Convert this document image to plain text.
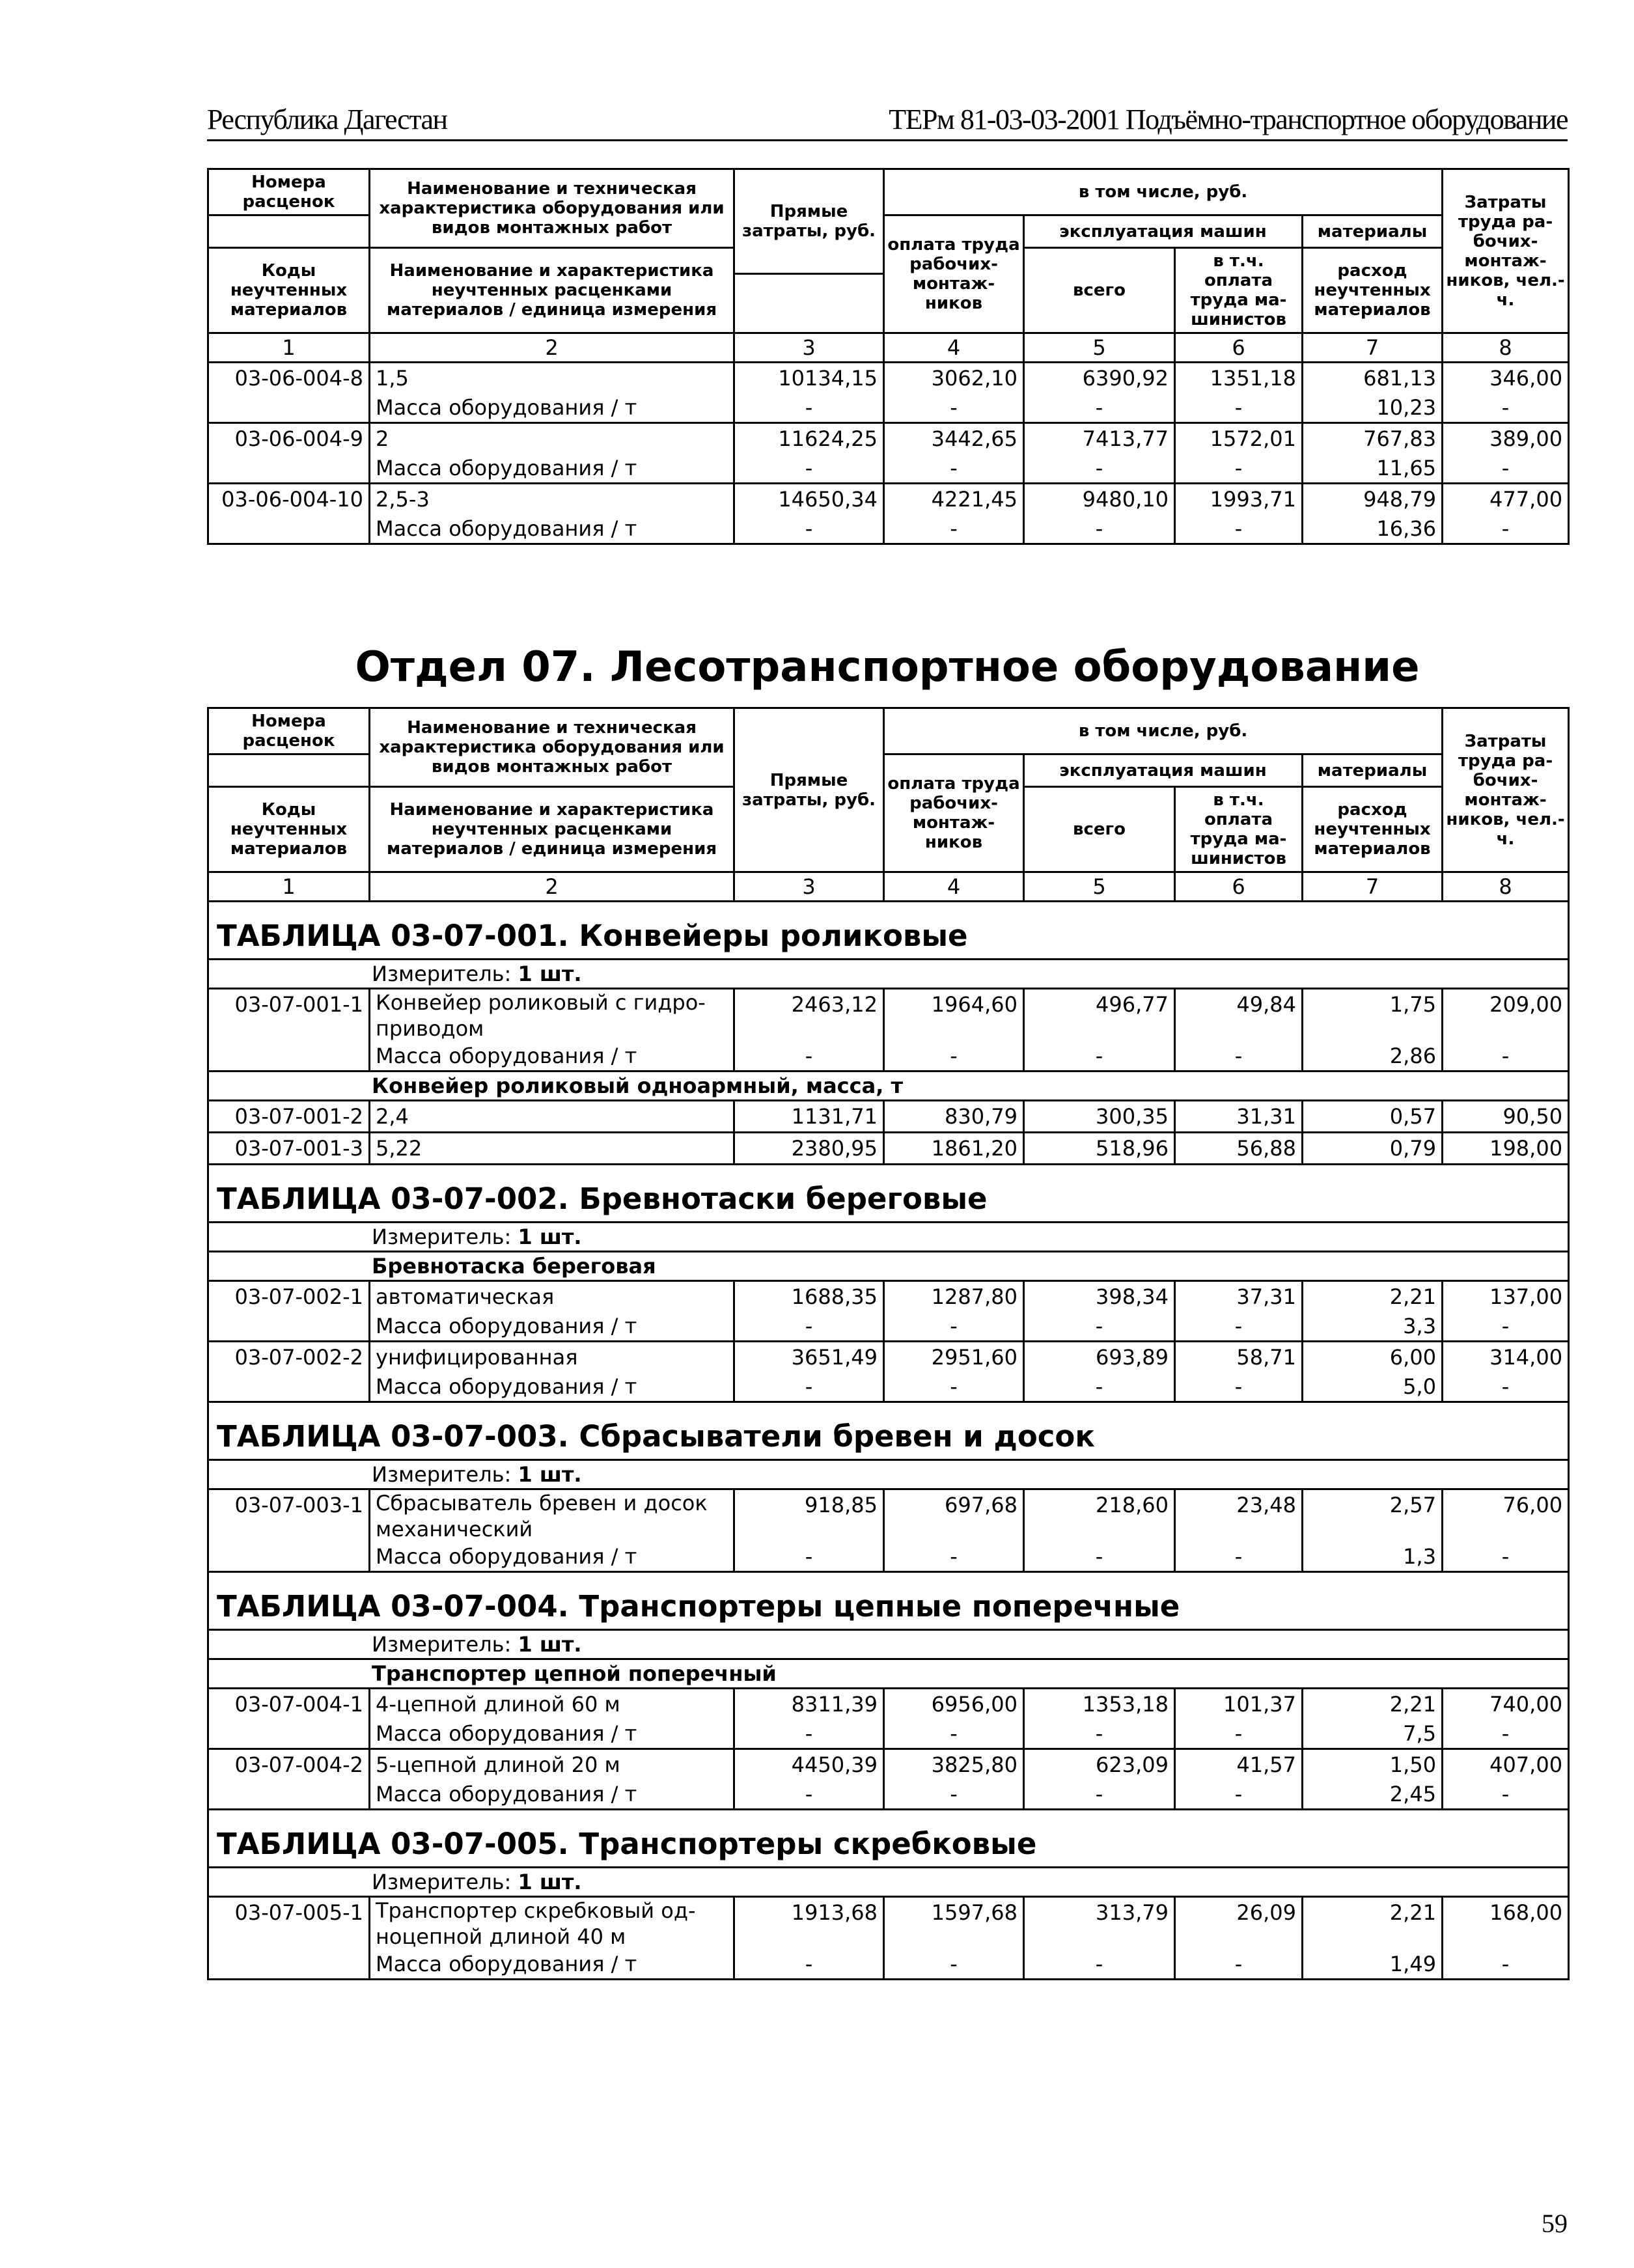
Республика Дагестан	ТЕРм 81-03-03-2001 Подъёмно-транспортное оборудование
Номера расценок	Наименование и техническая характеристика оборудования или видов монтажных работ	Прямые затраты, руб.	в том числе, руб.				Затраты труда ра-бочих-монтаж-ников, чел.-ч.
			оплата труда рабочих-монтаж-ников	эксплуатация машин		материалы	
Коды неучтенных материалов	Наименование и характеристика неучтенных расценками материалов / единица измерения			всего	в т.ч. оплата труда ма-шинистов	расход неучтенных материалов	

1	2	3	4	5	6	7	8
03-06-004-8	1,5	10134,15	3062,10	6390,92	1351,18	681,13	346,00
	Масса оборудования / т	-	-	-	-	10,23	-
03-06-004-9	2	11624,25	3442,65	7413,77	1572,01	767,83	389,00
	Масса оборудования / т	-	-	-	-	11,65	-
03-06-004-10	2,5-3	14650,34	4221,45	9480,10	1993,71	948,79	477,00
	Масса оборудования / т	-	-	-	-	16,36	-
Отдел 07. Лесотранспортное оборудование
Номера расценок	Наименование и техническая характеристика оборудования или видов монтажных работ	Прямые затраты, руб.	в том числе, руб.				Затраты труда ра-бочих-монтаж-ников, чел.-ч.
			оплата труда рабочих-монтаж-ников	эксплуатация машин		материалы	
Коды неучтенных материалов	Наименование и характеристика неучтенных расценками материалов / единица измерения			всего	в т.ч. оплата труда ма-шинистов	расход неучтенных материалов	
1	2	3	4	5	6	7	8
ТАБЛИЦА 03-07-001. Конвейеры роликовые							
Измеритель: 1 шт.							
03-07-001-1	Конвейер роликовый с гидро-приводом	2463,12	1964,60	496,77	49,84	1,75	209,00
	Масса оборудования / т	-	-	-	-	2,86	-
Конвейер роликовый одноармный, масса, т							
03-07-001-2	2,4	1131,71	830,79	300,35	31,31	0,57	90,50
03-07-001-3	5,22	2380,95	1861,20	518,96	56,88	0,79	198,00
ТАБЛИЦА 03-07-002. Бревнотаски береговые							
Измеритель: 1 шт.							
Бревнотаска береговая							
03-07-002-1	автоматическая	1688,35	1287,80	398,34	37,31	2,21	137,00
	Масса оборудования / т	-	-	-	-	3,3	-
03-07-002-2	унифицированная	3651,49	2951,60	693,89	58,71	6,00	314,00
	Масса оборудования / т	-	-	-	-	5,0	-
ТАБЛИЦА 03-07-003. Сбрасыватели бревен и досок							
Измеритель: 1 шт.							
03-07-003-1	Сбрасыватель бревен и досок механический	918,85	697,68	218,60	23,48	2,57	76,00
	Масса оборудования / т	-	-	-	-	1,3	-
ТАБЛИЦА 03-07-004. Транспортеры цепные поперечные							
Измеритель: 1 шт.							
Транспортер цепной поперечный							
03-07-004-1	4-цепной длиной 60 м	8311,39	6956,00	1353,18	101,37	2,21	740,00
	Масса оборудования / т	-	-	-	-	7,5	-
03-07-004-2	5-цепной длиной 20 м	4450,39	3825,80	623,09	41,57	1,50	407,00
	Масса оборудования / т	-	-	-	-	2,45	-
ТАБЛИЦА 03-07-005. Транспортеры скребковые							
Измеритель: 1 шт.							
03-07-005-1	Транспортер скребковый од-ноцепной длиной 40 м	1913,68	1597,68	313,79	26,09	2,21	168,00
	Масса оборудования / т	-	-	-	-	1,49	-
59
